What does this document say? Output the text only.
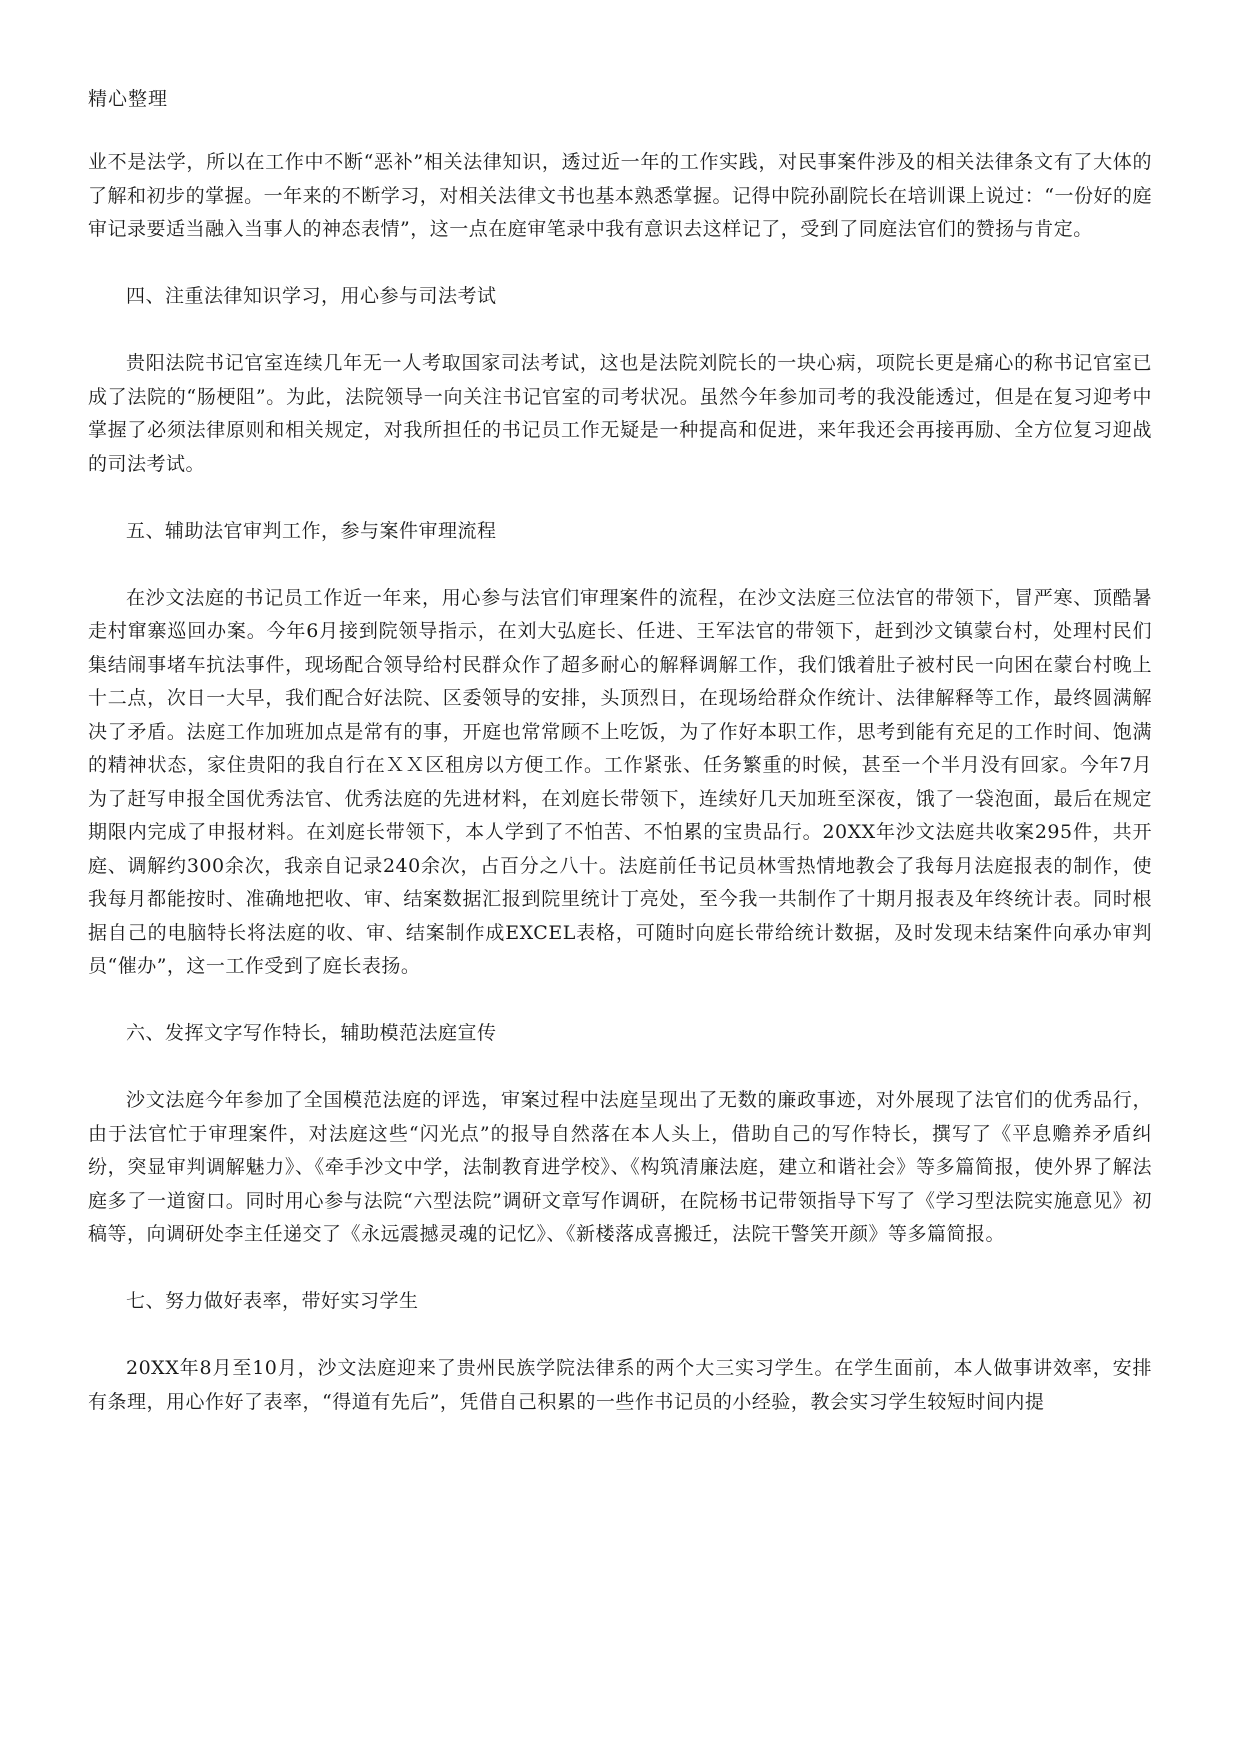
精心整理

业不是法学，所以在工作中不断“恶补”相关法律知识，透过近一年的工作实践，对民事案件涉及的相关法律条文有了大体的了解和初步的掌握。一年来的不断学习，对相关法律文书也基本熟悉掌握。记得中院孙副院长在培训课上说过：“一份好的庭审记录要适当融入当事人的神态表情”，这一点在庭审笔录中我有意识去这样记了，受到了同庭法官们的赞扬与肯定。

四、注重法律知识学习，用心参与司法考试

贵阳法院书记官室连续几年无一人考取国家司法考试，这也是法院刘院长的一块心病，项院长更是痛心的称书记官室已成了法院的“肠梗阻”。为此，法院领导一向关注书记官室的司考状况。虽然今年参加司考的我没能透过，但是在复习迎考中掌握了必须法律原则和相关规定，对我所担任的书记员工作无疑是一种提高和促进，来年我还会再接再励、全方位复习迎战的司法考试。

五、辅助法官审判工作，参与案件审理流程

在沙文法庭的书记员工作近一年来，用心参与法官们审理案件的流程，在沙文法庭三位法官的带领下，冒严寒、顶酷暑走村窜寨巡回办案。今年6月接到院领导指示，在刘大弘庭长、任进、王军法官的带领下，赶到沙文镇蒙台村，处理村民们集结闹事堵车抗法事件，现场配合领导给村民群众作了超多耐心的解释调解工作，我们饿着肚子被村民一向困在蒙台村晚上十二点，次日一大早，我们配合好法院、区委领导的安排，头顶烈日，在现场给群众作统计、法律解释等工作，最终圆满解决了矛盾。法庭工作加班加点是常有的事，开庭也常常顾不上吃饭，为了作好本职工作，思考到能有充足的工作时间、饱满的精神状态，家住贵阳的我自行在ＸＸ区租房以方便工作。工作紧张、任务繁重的时候，甚至一个半月没有回家。今年7月为了赶写申报全国优秀法官、优秀法庭的先进材料，在刘庭长带领下，连续好几天加班至深夜，饿了一袋泡面，最后在规定期限内完成了申报材料。在刘庭长带领下，本人学到了不怕苦、不怕累的宝贵品行。20XX年沙文法庭共收案295件，共开庭、调解约300余次，我亲自记录240余次，占百分之八十。法庭前任书记员林雪热情地教会了我每月法庭报表的制作，使我每月都能按时、准确地把收、审、结案数据汇报到院里统计丁亮处，至今我一共制作了十期月报表及年终统计表。同时根据自己的电脑特长将法庭的收、审、结案制作成EXCEL表格，可随时向庭长带给统计数据，及时发现未结案件向承办审判员“催办”，这一工作受到了庭长表扬。

六、发挥文字写作特长，辅助模范法庭宣传

沙文法庭今年参加了全国模范法庭的评选，审案过程中法庭呈现出了无数的廉政事迹，对外展现了法官们的优秀品行，由于法官忙于审理案件，对法庭这些“闪光点”的报导自然落在本人头上，借助自己的写作特长，撰写了《平息赡养矛盾纠纷，突显审判调解魅力》、《牵手沙文中学，法制教育进学校》、《构筑清廉法庭，建立和谐社会》等多篇简报，使外界了解法庭多了一道窗口。同时用心参与法院“六型法院”调研文章写作调研，在院杨书记带领指导下写了《学习型法院实施意见》初稿等，向调研处李主任递交了《永远震撼灵魂的记忆》、《新楼落成喜搬迁，法院干警笑开颜》等多篇简报。

七、努力做好表率，带好实习学生

20XX年8月至10月，沙文法庭迎来了贵州民族学院法律系的两个大三实习学生。在学生面前，本人做事讲效率，安排有条理，用心作好了表率，“得道有先后”，凭借自己积累的一些作书记员的小经验，教会实习学生较短时间内提
